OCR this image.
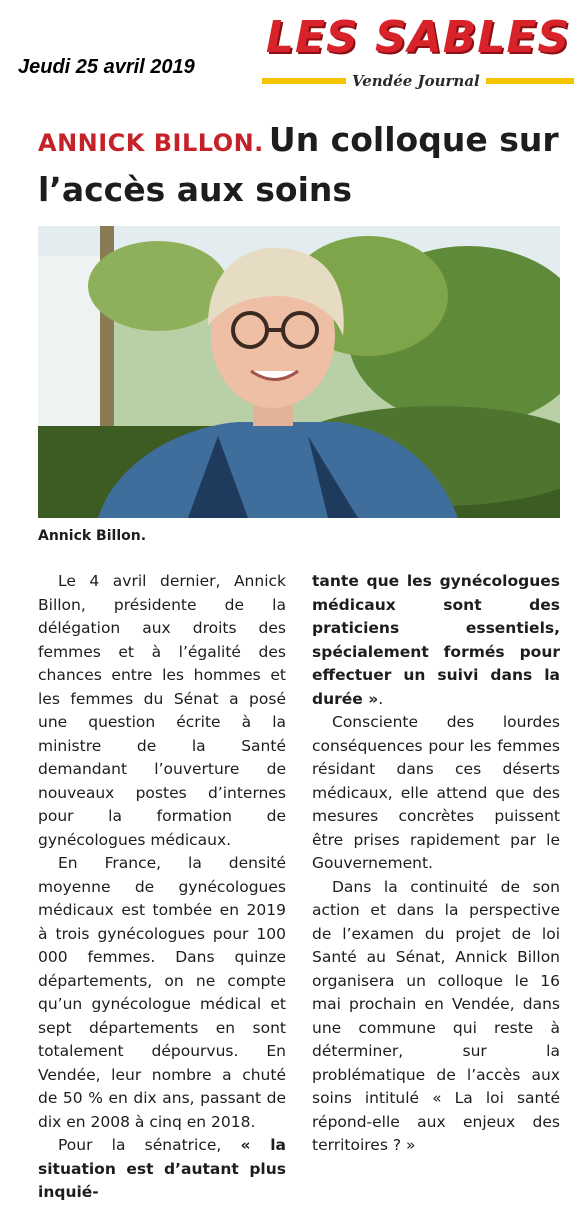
Jeudi 25 avril 2019
LES SABLES
Vendée Journal
ANNICK BILLON. Un colloque sur l’accès aux soins
Annick Billon.

Le 4 avril dernier, Annick Billon, présidente de la délégation aux droits des femmes et à l’égalité des chances entre les hommes et les femmes du Sénat a posé une question écrite à la ministre de la Santé demandant l’ouverture de nouveaux postes d’internes pour la formation de gynécologues médicaux.

En France, la densité moyenne de gynécologues médicaux est tombée en 2019 à trois gynécologues pour 100 000 femmes. Dans quinze départements, on ne compte qu’un gynécologue médical et sept départements en sont totalement dépourvus. En Vendée, leur nombre a chuté de 50 % en dix ans, passant de dix en 2008 à cinq en 2018.

Pour la sénatrice, « la situation est d’autant plus inquié-

tante que les gynécologues médicaux sont des praticiens essentiels, spécialement formés pour effectuer un suivi dans la durée ».

Consciente des lourdes conséquences pour les femmes résidant dans ces déserts médicaux, elle attend que des mesures concrètes puissent être prises rapidement par le Gouvernement.

Dans la continuité de son action et dans la perspective de l’examen du projet de loi Santé au Sénat, Annick Billon organisera un colloque le 16 mai prochain en Vendée, dans une commune qui reste à déterminer, sur la problématique de l’accès aux soins intitulé « La loi santé répond-elle aux enjeux des territoires ? »
